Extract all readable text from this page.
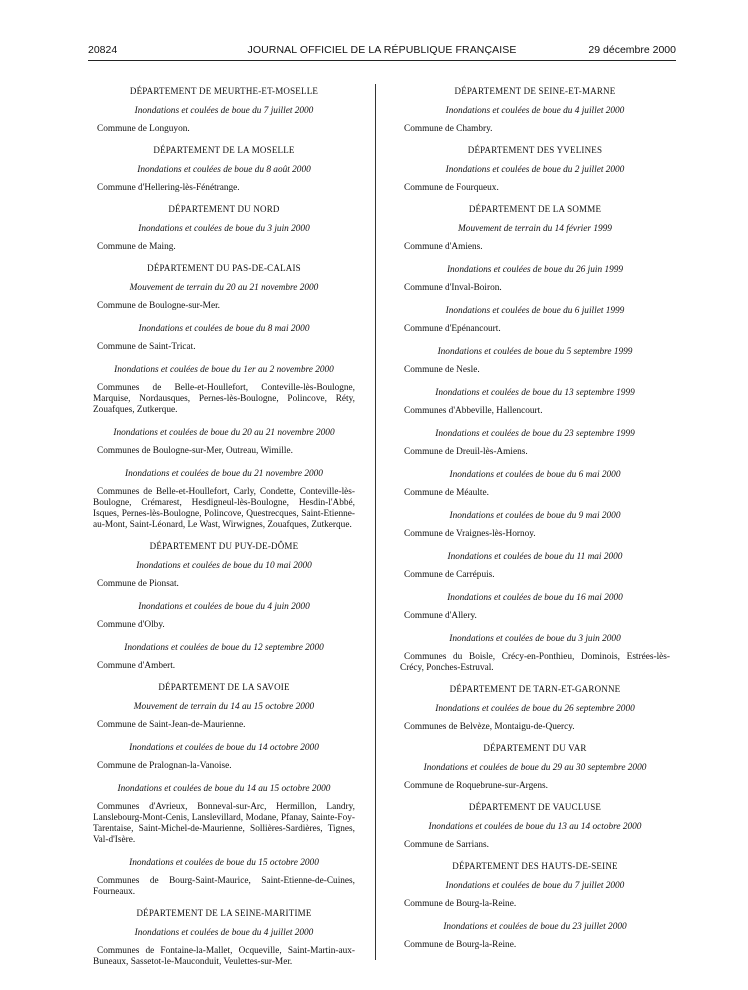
20824	JOURNAL OFFICIEL DE LA RÉPUBLIQUE FRANÇAISE	29 décembre 2000
DÉPARTEMENT DE MEURTHE-ET-MOSELLE
Inondations et coulées de boue du 7 juillet 2000
Commune de Longuyon.
DÉPARTEMENT DE LA MOSELLE
Inondations et coulées de boue du 8 août 2000
Commune d'Hellering-lès-Fénétrange.
DÉPARTEMENT DU NORD
Inondations et coulées de boue du 3 juin 2000
Commune de Maing.
DÉPARTEMENT DU PAS-DE-CALAIS
Mouvement de terrain du 20 au 21 novembre 2000
Commune de Boulogne-sur-Mer.
Inondations et coulées de boue du 8 mai 2000
Commune de Saint-Tricat.
Inondations et coulées de boue du 1er au 2 novembre 2000
Communes de Belle-et-Houllefort, Conteville-lès-Boulogne, Marquise, Nordausques, Pernes-lès-Boulogne, Polincove, Réty, Zouafques, Zutkerque.
Inondations et coulées de boue du 20 au 21 novembre 2000
Communes de Boulogne-sur-Mer, Outreau, Wimille.
Inondations et coulées de boue du 21 novembre 2000
Communes de Belle-et-Houllefort, Carly, Condette, Conteville-lès-Boulogne, Crémarest, Hesdigneul-lès-Boulogne, Hesdin-l'Abbé, Isques, Pernes-lès-Boulogne, Polincove, Questrecques, Saint-Etienne-au-Mont, Saint-Léonard, Le Wast, Wirwignes, Zouafques, Zutkerque.
DÉPARTEMENT DU PUY-DE-DÔME
Inondations et coulées de boue du 10 mai 2000
Commune de Pionsat.
Inondations et coulées de boue du 4 juin 2000
Commune d'Olby.
Inondations et coulées de boue du 12 septembre 2000
Commune d'Ambert.
DÉPARTEMENT DE LA SAVOIE
Mouvement de terrain du 14 au 15 octobre 2000
Commune de Saint-Jean-de-Maurienne.
Inondations et coulées de boue du 14 octobre 2000
Commune de Pralognan-la-Vanoise.
Inondations et coulées de boue du 14 au 15 octobre 2000
Communes d'Avrieux, Bonneval-sur-Arc, Hermillon, Landry, Lanslebourg-Mont-Cenis, Lanslevillard, Modane, Pfanay, Sainte-Foy-Tarentaise, Saint-Michel-de-Maurienne, Sollières-Sardières, Tignes, Val-d'Isère.
Inondations et coulées de boue du 15 octobre 2000
Communes de Bourg-Saint-Maurice, Saint-Etienne-de-Cuines, Fourneaux.
DÉPARTEMENT DE LA SEINE-MARITIME
Inondations et coulées de boue du 4 juillet 2000
Communes de Fontaine-la-Mallet, Ocqueville, Saint-Martin-aux-Buneaux, Sassetot-le-Mauconduit, Veulettes-sur-Mer.
DÉPARTEMENT DE SEINE-ET-MARNE
Inondations et coulées de boue du 4 juillet 2000
Commune de Chambry.
DÉPARTEMENT DES YVELINES
Inondations et coulées de boue du 2 juillet 2000
Commune de Fourqueux.
DÉPARTEMENT DE LA SOMME
Mouvement de terrain du 14 février 1999
Commune d'Amiens.
Inondations et coulées de boue du 26 juin 1999
Commune d'Inval-Boiron.
Inondations et coulées de boue du 6 juillet 1999
Commune d'Epénancourt.
Inondations et coulées de boue du 5 septembre 1999
Commune de Nesle.
Inondations et coulées de boue du 13 septembre 1999
Communes d'Abbeville, Hallencourt.
Inondations et coulées de boue du 23 septembre 1999
Commune de Dreuil-lès-Amiens.
Inondations et coulées de boue du 6 mai 2000
Commune de Méaulte.
Inondations et coulées de boue du 9 mai 2000
Commune de Vraignes-lès-Hornoy.
Inondations et coulées de boue du 11 mai 2000
Commune de Carrépuis.
Inondations et coulées de boue du 16 mai 2000
Commune d'Allery.
Inondations et coulées de boue du 3 juin 2000
Communes du Boisle, Crécy-en-Ponthieu, Dominois, Estrées-lès-Crécy, Ponches-Estruval.
DÉPARTEMENT DE TARN-ET-GARONNE
Inondations et coulées de boue du 26 septembre 2000
Communes de Belvèze, Montaigu-de-Quercy.
DÉPARTEMENT DU VAR
Inondations et coulées de boue du 29 au 30 septembre 2000
Commune de Roquebrune-sur-Argens.
DÉPARTEMENT DE VAUCLUSE
Inondations et coulées de boue du 13 au 14 octobre 2000
Commune de Sarrians.
DÉPARTEMENT DES HAUTS-DE-SEINE
Inondations et coulées de boue du 7 juillet 2000
Commune de Bourg-la-Reine.
Inondations et coulées de boue du 23 juillet 2000
Commune de Bourg-la-Reine.
